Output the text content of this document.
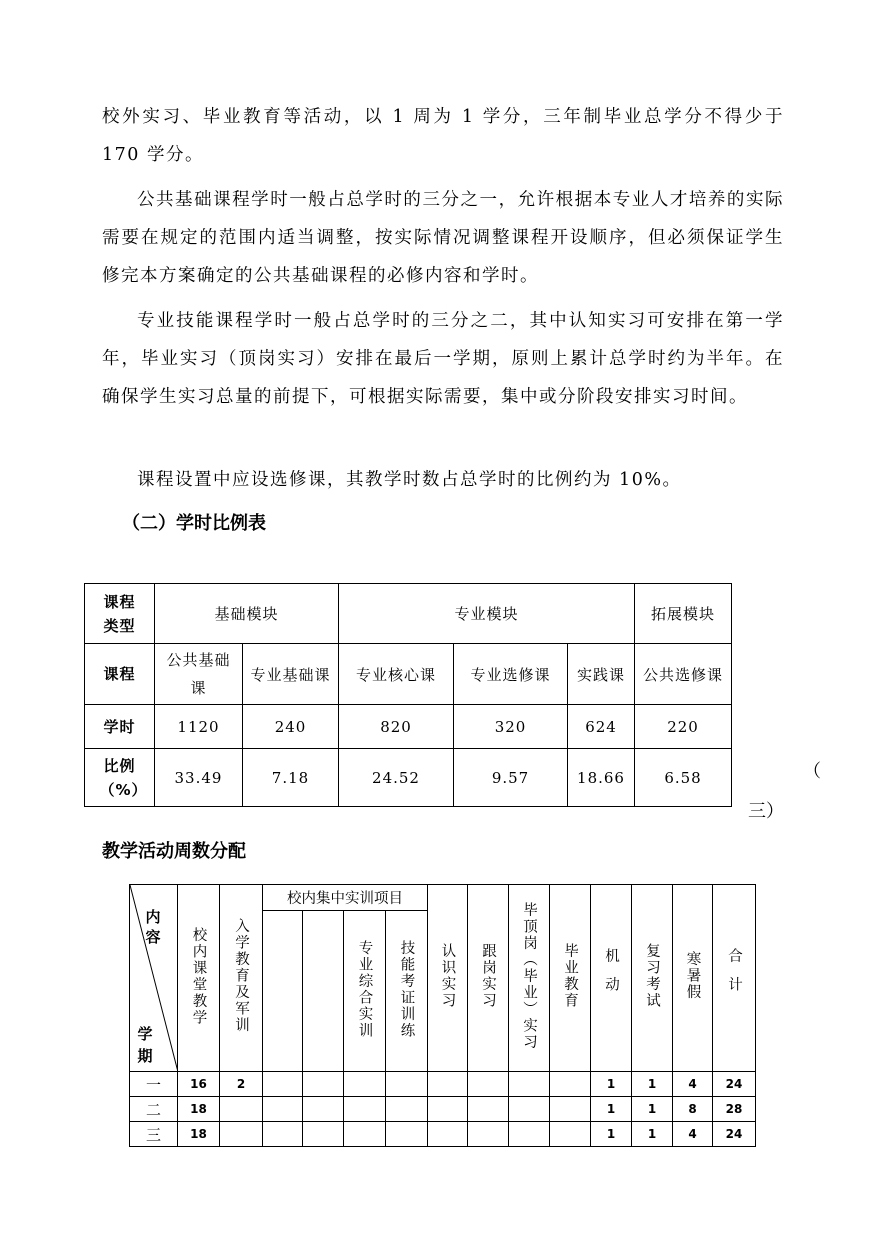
校外实习、毕业教育等活动，以 1 周为 1 学分，三年制毕业总学分不得少于 170 学分。

公共基础课程学时一般占总学时的三分之一，允许根据本专业人才培养的实际需要在规定的范围内适当调整，按实际情况调整课程开设顺序，但必须保证学生修完本方案确定的公共基础课程的必修内容和学时。

专业技能课程学时一般占总学时的三分之二，其中认知实习可安排在第一学年，毕业实习（顶岗实习）安排在最后一学期，原则上累计总学时约为半年。在确保学生实习总量的前提下，可根据实际需要，集中或分阶段安排实习时间。

课程设置中应设选修课，其教学时数占总学时的比例约为 10%。

（二）学时比例表
课程类型	基础模块		专业模块			拓展模块
课程	公共基础课	专业基础课	专业核心课	专业选修课	实践课	公共选修课
学时	1120	240	820	320	624	220
比例（%）	33.49	7.18	24.52	9.57	18.66	6.58	（
三）
教学活动周数分配
内容
学期	校内课堂教学	入学教育及军训	校内集中实训项目				认识实习	跟岗实习	毕顶岗（毕业）实习	毕业教育	机动	复习考试	寒暑假	合计
					专业综合实训	技能考证训练								
一	16	2									1	1	4	24
二	18										1	1	8	28
三	18										1	1	4	24
